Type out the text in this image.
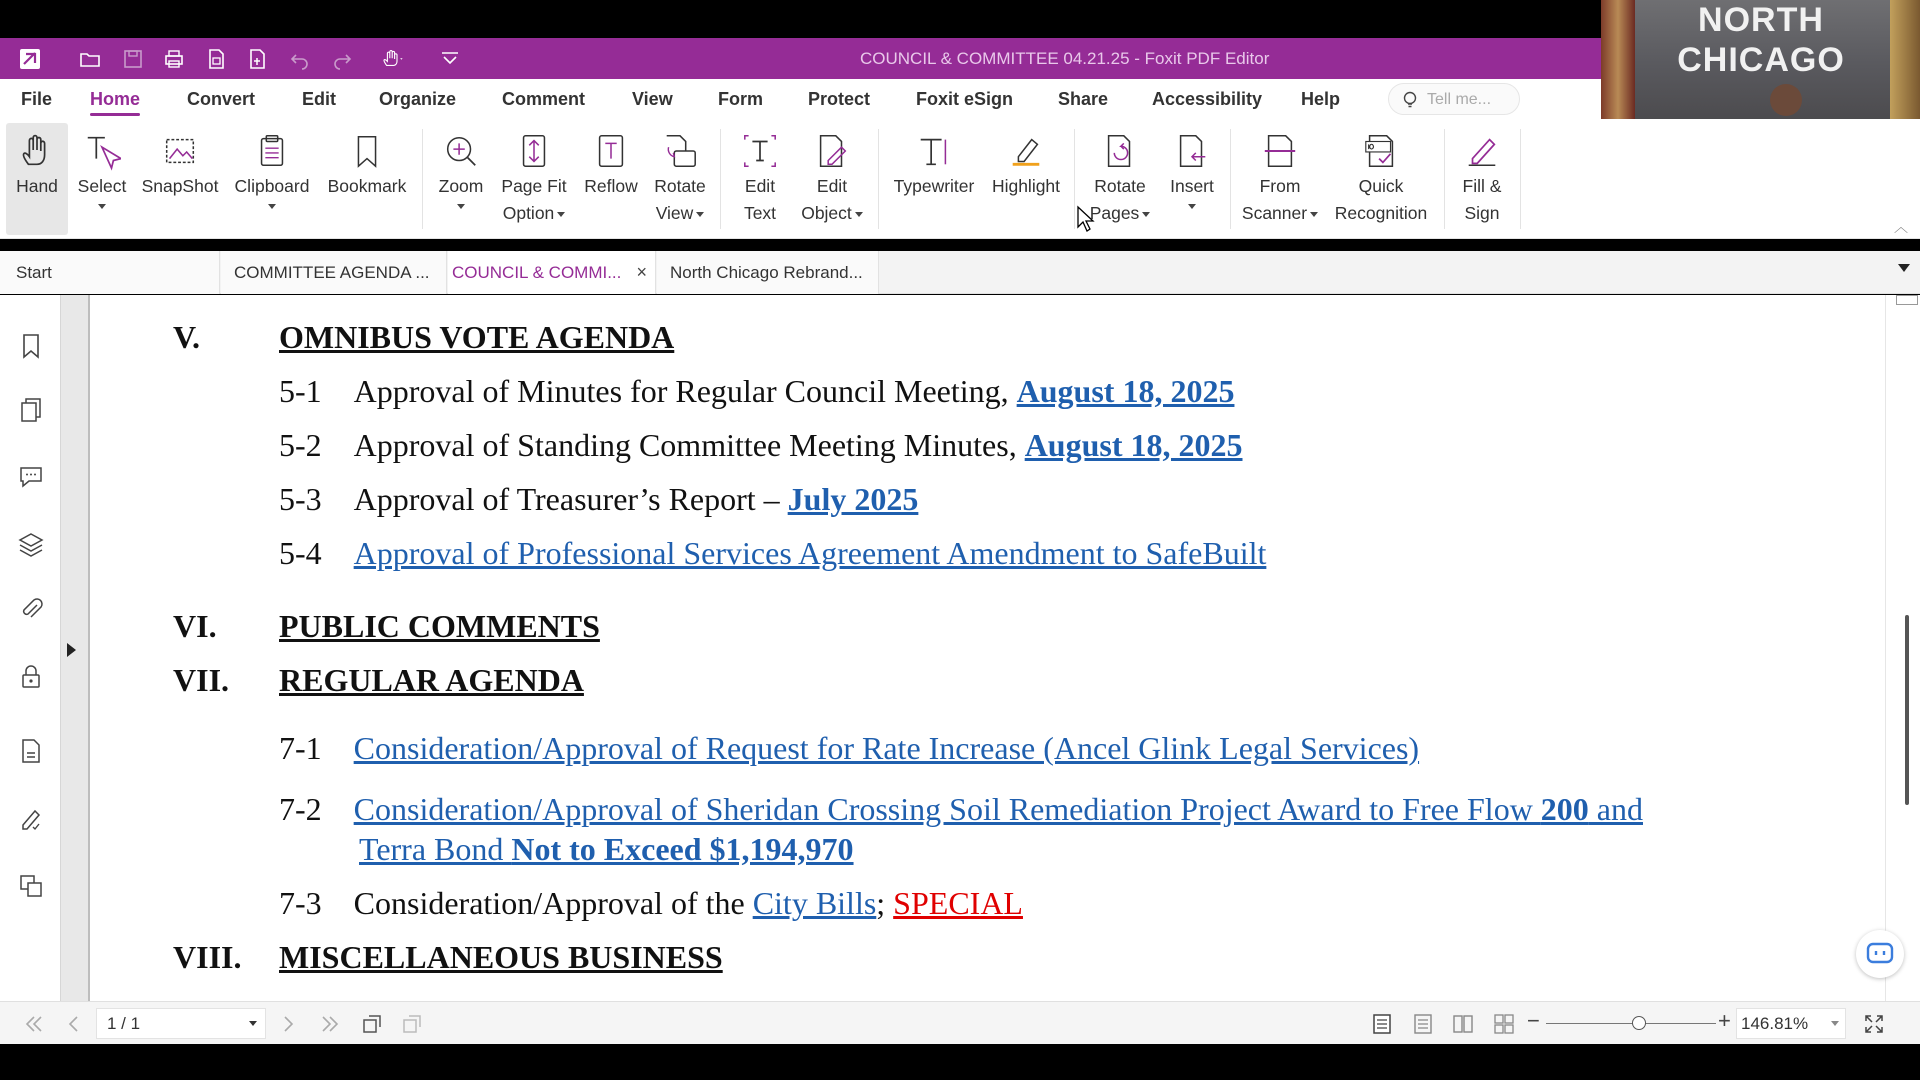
COUNCIL & COMMITTEE 04.21.25 - Foxit PDF Editor
NORTH CHICAGO
File Home	Convert	Edit Organize	Comment	View	Form	Protect	Foxit eSign Share Accessibility Help
Tell me...
Hand Select SnapShot Clipboard Bookmark Zoom Page Fit
Option
Reflow Rotate
View
Edit
Text
Edit
Object
Typewriter Highlight Rotate
Pages
Insert	From
Scanner
Quick
Recognition
Fill &
Sign
︿
Start	COMMITTEE AGENDA ...	COUNCIL & COMMI... ×	North Chicago Rebrand...
V. OMNIBUS VOTE AGENDA
5-1 Approval of Minutes for Regular Council Meeting, August 18, 2025
5-2 Approval of Standing Committee Meeting Minutes, August 18, 2025
5-3 Approval of Treasurer’s Report – July 2025
5-4 Approval of Professional Services Agreement Amendment to SafeBuilt
VI. PUBLIC COMMENTS
VII. REGULAR AGENDA
7-1 Consideration/Approval of Request for Rate Increase (Ancel Glink Legal Services)
7-2 Consideration/Approval of Sheridan Crossing Soil Remediation Project Award to Free Flow 200 and
Terra Bond Not to Exceed $1,194,970
7-3 Consideration/Approval of the City Bills; SPECIAL
VIII. MISCELLANEOUS BUSINESS
1 / 1	−	+ 146.81%
